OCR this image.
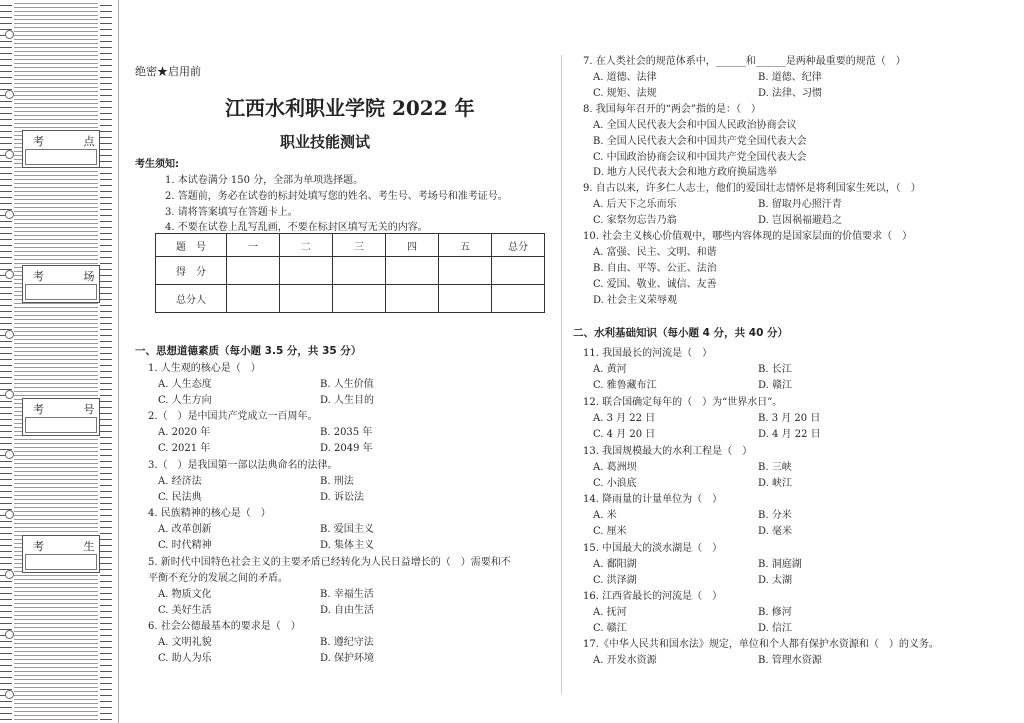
考 点
考 场
考 号
考 生
绝密★启用前
江西水利职业学院 2022 年
职业技能测试
考生须知:
1. 本试卷满分 150 分，全部为单项选择题。
2. 答题前，务必在试卷的标封处填写您的姓名、考生号、考场号和准考证号。
3. 请将答案填写在答题卡上。
4. 不要在试卷上乱写乱画，不要在标封区填写无关的内容。
题　号	一	二	三	四	五	总分
得　分						
总分人						
一、思想道德素质（每小题 3.5 分，共 35 分）
1. 人生观的核心是（　）
A. 人生态度	B. 人生价值
C. 人生方向	D. 人生目的
2.（　）是中国共产党成立一百周年。
A. 2020 年	B. 2035 年
C. 2021 年	D. 2049 年
3.（　）是我国第一部以法典命名的法律。
A. 经济法	B. 刑法
C. 民法典	D. 诉讼法
4. 民族精神的核心是（　）
A. 改革创新	B. 爱国主义
C. 时代精神	D. 集体主义
5. 新时代中国特色社会主义的主要矛盾已经转化为人民日益增长的（　）需要和不
平衡不充分的发展之间的矛盾。
A. 物质文化	B. 幸福生活
C. 美好生活	D. 自由生活
6. 社会公德最基本的要求是（　）
A. 文明礼貌	B. 遵纪守法
C. 助人为乐	D. 保护环境
7. 在人类社会的规范体系中，______和______是两种最重要的规范（　）
A. 道德、法律	B. 道德、纪律
C. 规矩、法规	D. 法律、习惯
8. 我国每年召开的“两会”指的是：（　）
A. 全国人民代表大会和中国人民政治协商会议
B. 全国人民代表大会和中国共产党全国代表大会
C. 中国政治协商会议和中国共产党全国代表大会
D. 地方人民代表大会和地方政府换届选举
9. 自古以来，许多仁人志士，他们的爱国壮志情怀是将利国家生死以，（　）
A. 后天下之乐而乐	B. 留取丹心照汗青
C. 家祭勿忘告乃翁	D. 岂因祸福避趋之
10. 社会主义核心价值观中，哪些内容体现的是国家层面的价值要求（　）
A. 富强、民主、文明、和谐
B. 自由、平等、公正、法治
C. 爱国、敬业、诚信、友善
D. 社会主义荣辱观
二、水利基础知识（每小题 4 分，共 40 分）
11. 我国最长的河流是（　）
A. 黄河	B. 长江
C. 雅鲁藏布江	D. 赣江
12. 联合国确定每年的（　）为“世界水日”。
A. 3 月 22 日	B. 3 月 20 日
C. 4 月 20 日	D. 4 月 22 日
13. 我国规模最大的水利工程是（　）
A. 葛洲坝	B. 三峡
C. 小浪底	D. 峡江
14. 降雨量的计量单位为（　）
A. 米	B. 分米
C. 厘米	D. 毫米
15. 中国最大的淡水湖是（　）
A. 鄱阳湖	B. 洞庭湖
C. 洪泽湖	D. 太湖
16. 江西省最长的河流是（　）
A. 抚河	B. 修河
C. 赣江	D. 信江
17.《中华人民共和国水法》规定，单位和个人都有保护水资源和（　）的义务。
A. 开发水资源	B. 管理水资源
